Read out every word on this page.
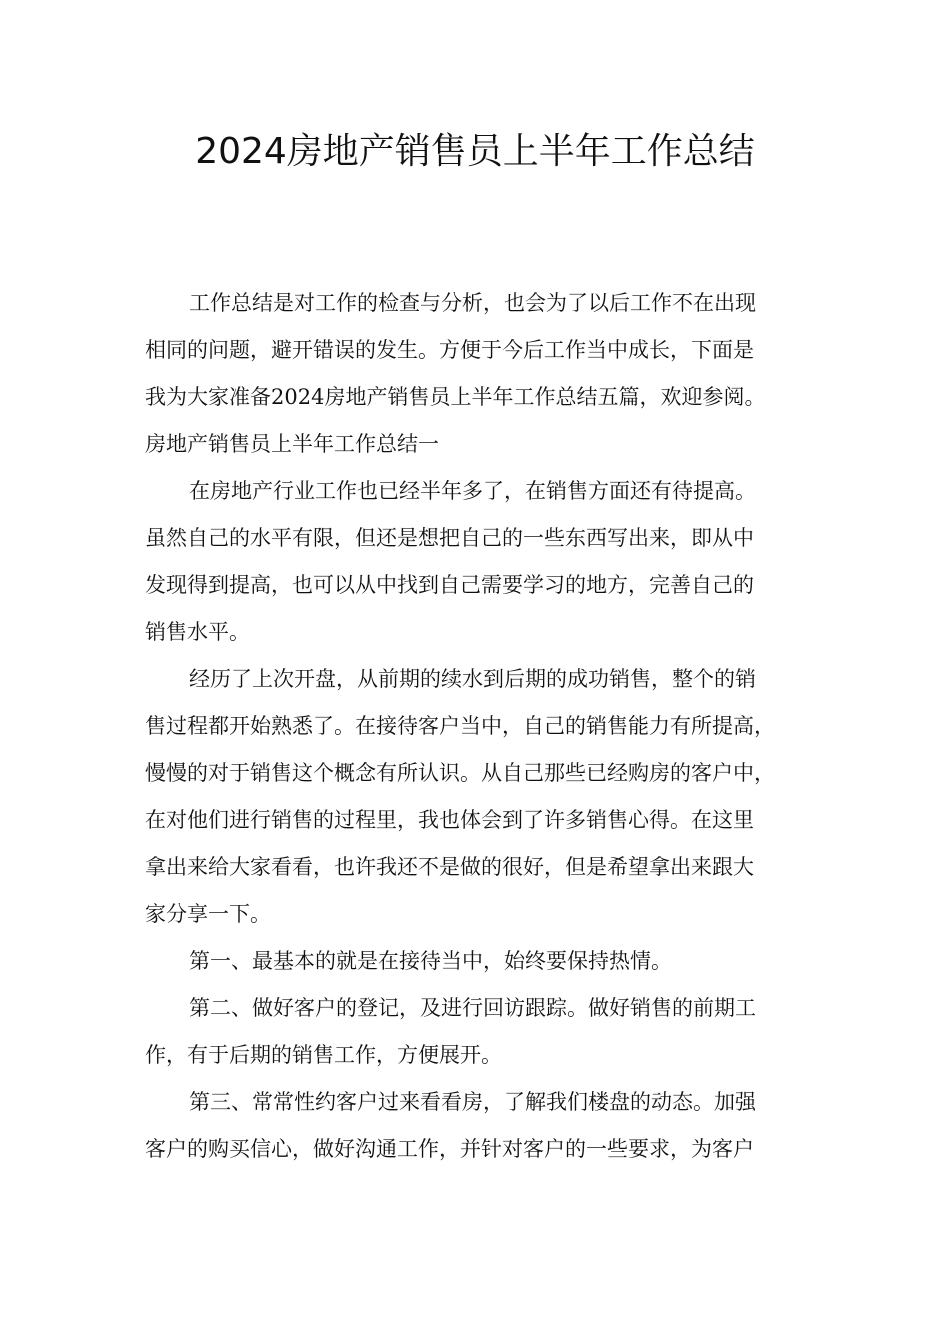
2024房地产销售员上半年工作总结
工作总结是对工作的检查与分析，也会为了以后工作不在出现
相同的问题，避开错误的发生。方便于今后工作当中成长，下面是
我为大家准备2024房地产销售员上半年工作总结五篇，欢迎参阅。
房地产销售员上半年工作总结一
在房地产行业工作也已经半年多了，在销售方面还有待提高。
虽然自己的水平有限，但还是想把自己的一些东西写出来，即从中
发现得到提高，也可以从中找到自己需要学习的地方，完善自己的
销售水平。
经历了上次开盘，从前期的续水到后期的成功销售，整个的销
售过程都开始熟悉了。在接待客户当中，自己的销售能力有所提高，
慢慢的对于销售这个概念有所认识。从自己那些已经购房的客户中，
在对他们进行销售的过程里，我也体会到了许多销售心得。在这里
拿出来给大家看看，也许我还不是做的很好，但是希望拿出来跟大
家分享一下。
第一、最基本的就是在接待当中，始终要保持热情。
第二、做好客户的登记，及进行回访跟踪。做好销售的前期工
作，有于后期的销售工作，方便展开。
第三、常常性约客户过来看看房，了解我们楼盘的动态。加强
客户的购买信心，做好沟通工作，并针对客户的一些要求，为客户
